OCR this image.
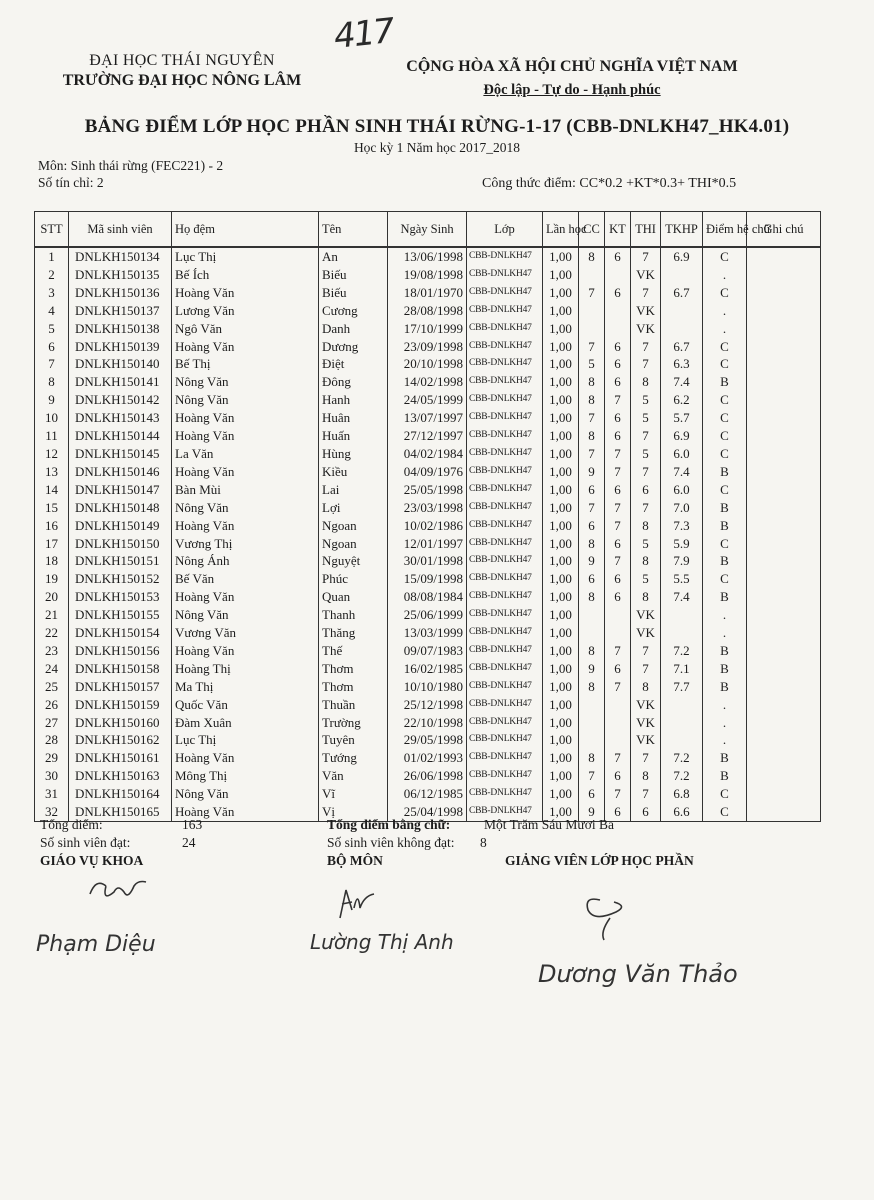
417
ĐẠI HỌC THÁI NGUYÊN
TRƯỜNG ĐẠI HỌC NÔNG LÂM
CỘNG HÒA XÃ HỘI CHỦ NGHĨA VIỆT NAM
Độc lập - Tự do - Hạnh phúc
BẢNG ĐIỂM LỚP HỌC PHẦN SINH THÁI RỪNG-1-17 (CBB-DNLKH47_HK4.01)
Học kỳ 1 Năm học 2017_2018
Môn: Sinh thái rừng (FEC221) - 2
Số tín chỉ: 2	Công thức điểm: CC*0.2 +KT*0.3+ THI*0.5
STT	Mã sinh viên	Họ đệm	Tên	Ngày Sinh	Lớp	Lần học	CC	KT	THI	TKHP	Điểm hệ chữ	Ghi chú
1	DNLKH150134	Lục Thị	An	13/06/1998	CBB-DNLKH47	1,00	8	6	7	6.9	C	
2	DNLKH150135	Bế Ích	Biếu	19/08/1998	CBB-DNLKH47	1,00			VK		.	
3	DNLKH150136	Hoàng Văn	Biếu	18/01/1970	CBB-DNLKH47	1,00	7	6	7	6.7	C	
4	DNLKH150137	Lương Văn	Cương	28/08/1998	CBB-DNLKH47	1,00			VK		.	
5	DNLKH150138	Ngô Văn	Danh	17/10/1999	CBB-DNLKH47	1,00			VK		.	
6	DNLKH150139	Hoàng Văn	Dương	23/09/1998	CBB-DNLKH47	1,00	7	6	7	6.7	C	
7	DNLKH150140	Bế Thị	Điệt	20/10/1998	CBB-DNLKH47	1,00	5	6	7	6.3	C	
8	DNLKH150141	Nông Văn	Đông	14/02/1998	CBB-DNLKH47	1,00	8	6	8	7.4	B	
9	DNLKH150142	Nông Văn	Hanh	24/05/1999	CBB-DNLKH47	1,00	8	7	5	6.2	C	
10	DNLKH150143	Hoàng Văn	Huân	13/07/1997	CBB-DNLKH47	1,00	7	6	5	5.7	C	
11	DNLKH150144	Hoàng Văn	Huấn	27/12/1997	CBB-DNLKH47	1,00	8	6	7	6.9	C	
12	DNLKH150145	La Văn	Hùng	04/02/1984	CBB-DNLKH47	1,00	7	7	5	6.0	C	
13	DNLKH150146	Hoàng Văn	Kiều	04/09/1976	CBB-DNLKH47	1,00	9	7	7	7.4	B	
14	DNLKH150147	Bàn Mùi	Lai	25/05/1998	CBB-DNLKH47	1,00	6	6	6	6.0	C	
15	DNLKH150148	Nông Văn	Lợi	23/03/1998	CBB-DNLKH47	1,00	7	7	7	7.0	B	
16	DNLKH150149	Hoàng Văn	Ngoan	10/02/1986	CBB-DNLKH47	1,00	6	7	8	7.3	B	
17	DNLKH150150	Vương Thị	Ngoan	12/01/1997	CBB-DNLKH47	1,00	8	6	5	5.9	C	
18	DNLKH150151	Nông Ánh	Nguyệt	30/01/1998	CBB-DNLKH47	1,00	9	7	8	7.9	B	
19	DNLKH150152	Bế Văn	Phúc	15/09/1998	CBB-DNLKH47	1,00	6	6	5	5.5	C	
20	DNLKH150153	Hoàng Văn	Quan	08/08/1984	CBB-DNLKH47	1,00	8	6	8	7.4	B	
21	DNLKH150155	Nông Văn	Thanh	25/06/1999	CBB-DNLKH47	1,00			VK		.	
22	DNLKH150154	Vương Văn	Thăng	13/03/1999	CBB-DNLKH47	1,00			VK		.	
23	DNLKH150156	Hoàng Văn	Thế	09/07/1983	CBB-DNLKH47	1,00	8	7	7	7.2	B	
24	DNLKH150158	Hoàng Thị	Thơm	16/02/1985	CBB-DNLKH47	1,00	9	6	7	7.1	B	
25	DNLKH150157	Ma Thị	Thơm	10/10/1980	CBB-DNLKH47	1,00	8	7	8	7.7	B	
26	DNLKH150159	Quốc Văn	Thuần	25/12/1998	CBB-DNLKH47	1,00			VK		.	
27	DNLKH150160	Đàm Xuân	Trường	22/10/1998	CBB-DNLKH47	1,00			VK		.	
28	DNLKH150162	Lục Thị	Tuyên	29/05/1998	CBB-DNLKH47	1,00			VK		.	
29	DNLKH150161	Hoàng Văn	Tướng	01/02/1993	CBB-DNLKH47	1,00	8	7	7	7.2	B	
30	DNLKH150163	Mông Thị	Văn	26/06/1998	CBB-DNLKH47	1,00	7	6	8	7.2	B	
31	DNLKH150164	Nông Văn	Vĩ	06/12/1985	CBB-DNLKH47	1,00	6	7	7	6.8	C	
32	DNLKH150165	Hoàng Văn	Vị	25/04/1998	CBB-DNLKH47	1,00	9	6	6	6.6	C	
Tổng điểm:	163	Tổng điểm bằng chữ:	Một Trăm Sáu Mươi Ba
Số sinh viên đạt:	24	Số sinh viên không đạt: 8
GIÁO VỤ KHOA	BỘ MÔN	GIẢNG VIÊN LỚP HỌC PHẦN
Phạm Diệu	Lường Thị Anh
Dương Văn Thảo
